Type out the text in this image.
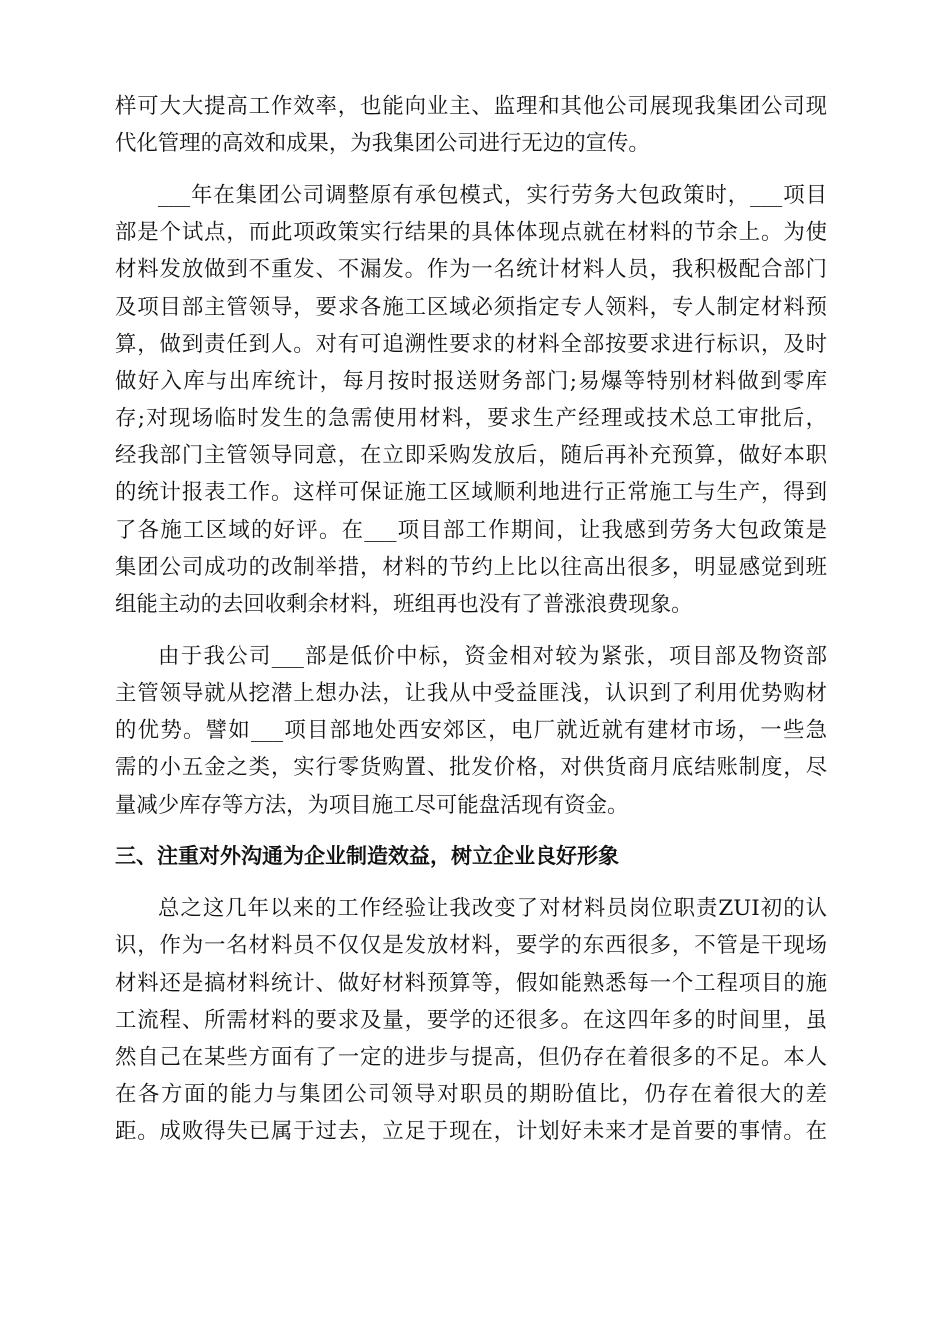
样可大大提高工作效率，也能向业主、监理和其他公司展现我集团公司现
代化管理的高效和成果，为我集团公司进行无边的宣传。
___年在集团公司调整原有承包模式，实行劳务大包政策时，___项目
部是个试点，而此项政策实行结果的具体体现点就在材料的节余上。为使
材料发放做到不重发、不漏发。作为一名统计材料人员，我积极配合部门
及项目部主管领导，要求各施工区域必须指定专人领料，专人制定材料预
算，做到责任到人。对有可追溯性要求的材料全部按要求进行标识，及时
做好入库与出库统计，每月按时报送财务部门;易爆等特别材料做到零库
存;对现场临时发生的急需使用材料，要求生产经理或技术总工审批后，
经我部门主管领导同意，在立即采购发放后，随后再补充预算，做好本职
的统计报表工作。这样可保证施工区域顺利地进行正常施工与生产，得到
了各施工区域的好评。在___项目部工作期间，让我感到劳务大包政策是
集团公司成功的改制举措，材料的节约上比以往高出很多，明显感觉到班
组能主动的去回收剩余材料，班组再也没有了普涨浪费现象。
由于我公司___部是低价中标，资金相对较为紧张，项目部及物资部
主管领导就从挖潜上想办法，让我从中受益匪浅，认识到了利用优势购材
的优势。譬如___项目部地处西安郊区，电厂就近就有建材市场，一些急
需的小五金之类，实行零货购置、批发价格，对供货商月底结账制度，尽
量减少库存等方法，为项目施工尽可能盘活现有资金。
三、注重对外沟通为企业制造效益，树立企业良好形象
总之这几年以来的工作经验让我改变了对材料员岗位职责ZUI初的认
识，作为一名材料员不仅仅是发放材料，要学的东西很多，不管是干现场
材料还是搞材料统计、做好材料预算等，假如能熟悉每一个工程项目的施
工流程、所需材料的要求及量，要学的还很多。在这四年多的时间里，虽
然自己在某些方面有了一定的进步与提高，但仍存在着很多的不足。本人
在各方面的能力与集团公司领导对职员的期盼值比，仍存在着很大的差
距。成败得失已属于过去，立足于现在，计划好未来才是首要的事情。在
